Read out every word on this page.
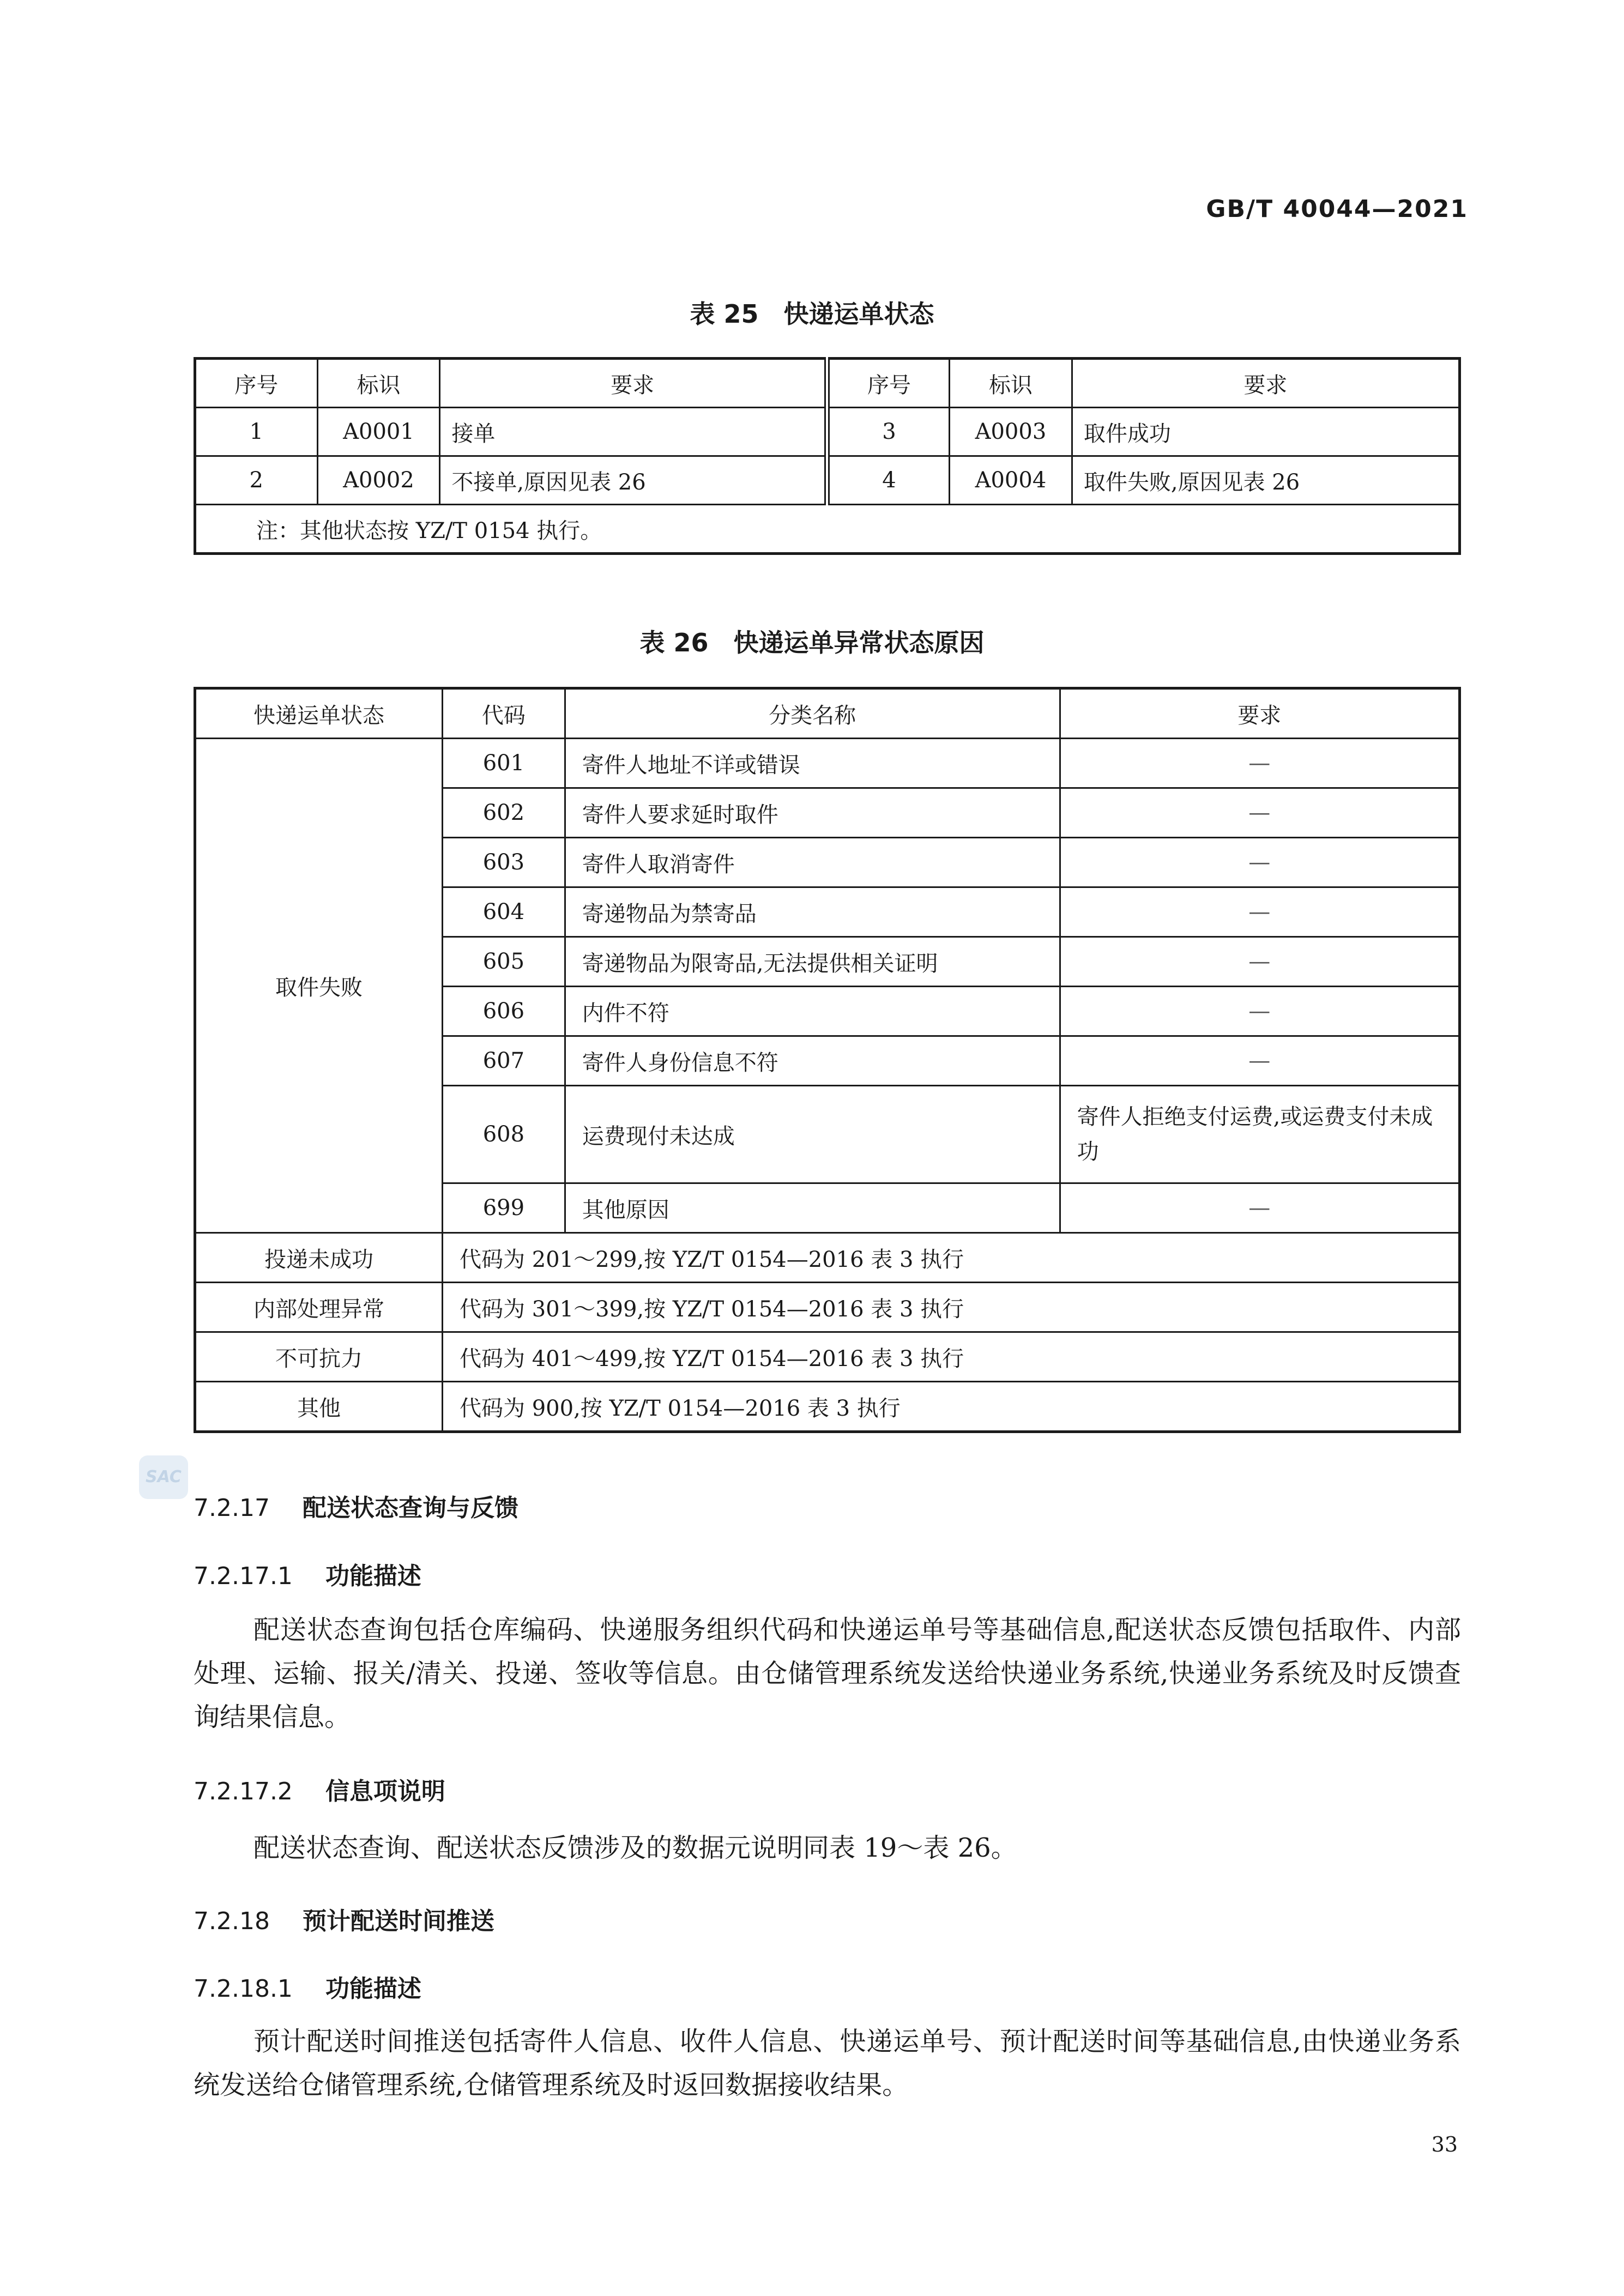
GB/T 40044—2021
表 25　快递运单状态
序号	标识	要求	序号	标识	要求
1	A0001	接单	3	A0003	取件成功
2	A0002	不接单,原因见表 26	4	A0004	取件失败,原因见表 26
注：其他状态按 YZ/T 0154 执行。					
表 26　快递运单异常状态原因
快递运单状态	代码	分类名称	要求
取件失败	601	寄件人地址不详或错误	—
	602	寄件人要求延时取件	—
	603	寄件人取消寄件	—
	604	寄递物品为禁寄品	—
	605	寄递物品为限寄品,无法提供相关证明	—
	606	内件不符	—
	607	寄件人身份信息不符	—
	608	运费现付未达成	寄件人拒绝支付运费,或运费支付未成功
	699	其他原因	—
投递未成功	代码为 201～299,按 YZ/T 0154—2016 表 3 执行		
内部处理异常	代码为 301～399,按 YZ/T 0154—2016 表 3 执行		
不可抗力	代码为 401～499,按 YZ/T 0154—2016 表 3 执行		
其他	代码为 900,按 YZ/T 0154—2016 表 3 执行		
SAC
7.2.17 配送状态查询与反馈
7.2.17.1 功能描述
配送状态查询包括仓库编码、快递服务组织代码和快递运单号等基础信息,配送状态反馈包括取件、内部处理、运输、报关/清关、投递、签收等信息。由仓储管理系统发送给快递业务系统,快递业务系统及时反馈查询结果信息。
7.2.17.2 信息项说明
配送状态查询、配送状态反馈涉及的数据元说明同表 19～表 26。
7.2.18 预计配送时间推送
7.2.18.1 功能描述
预计配送时间推送包括寄件人信息、收件人信息、快递运单号、预计配送时间等基础信息,由快递业务系统发送给仓储管理系统,仓储管理系统及时返回数据接收结果。
33
